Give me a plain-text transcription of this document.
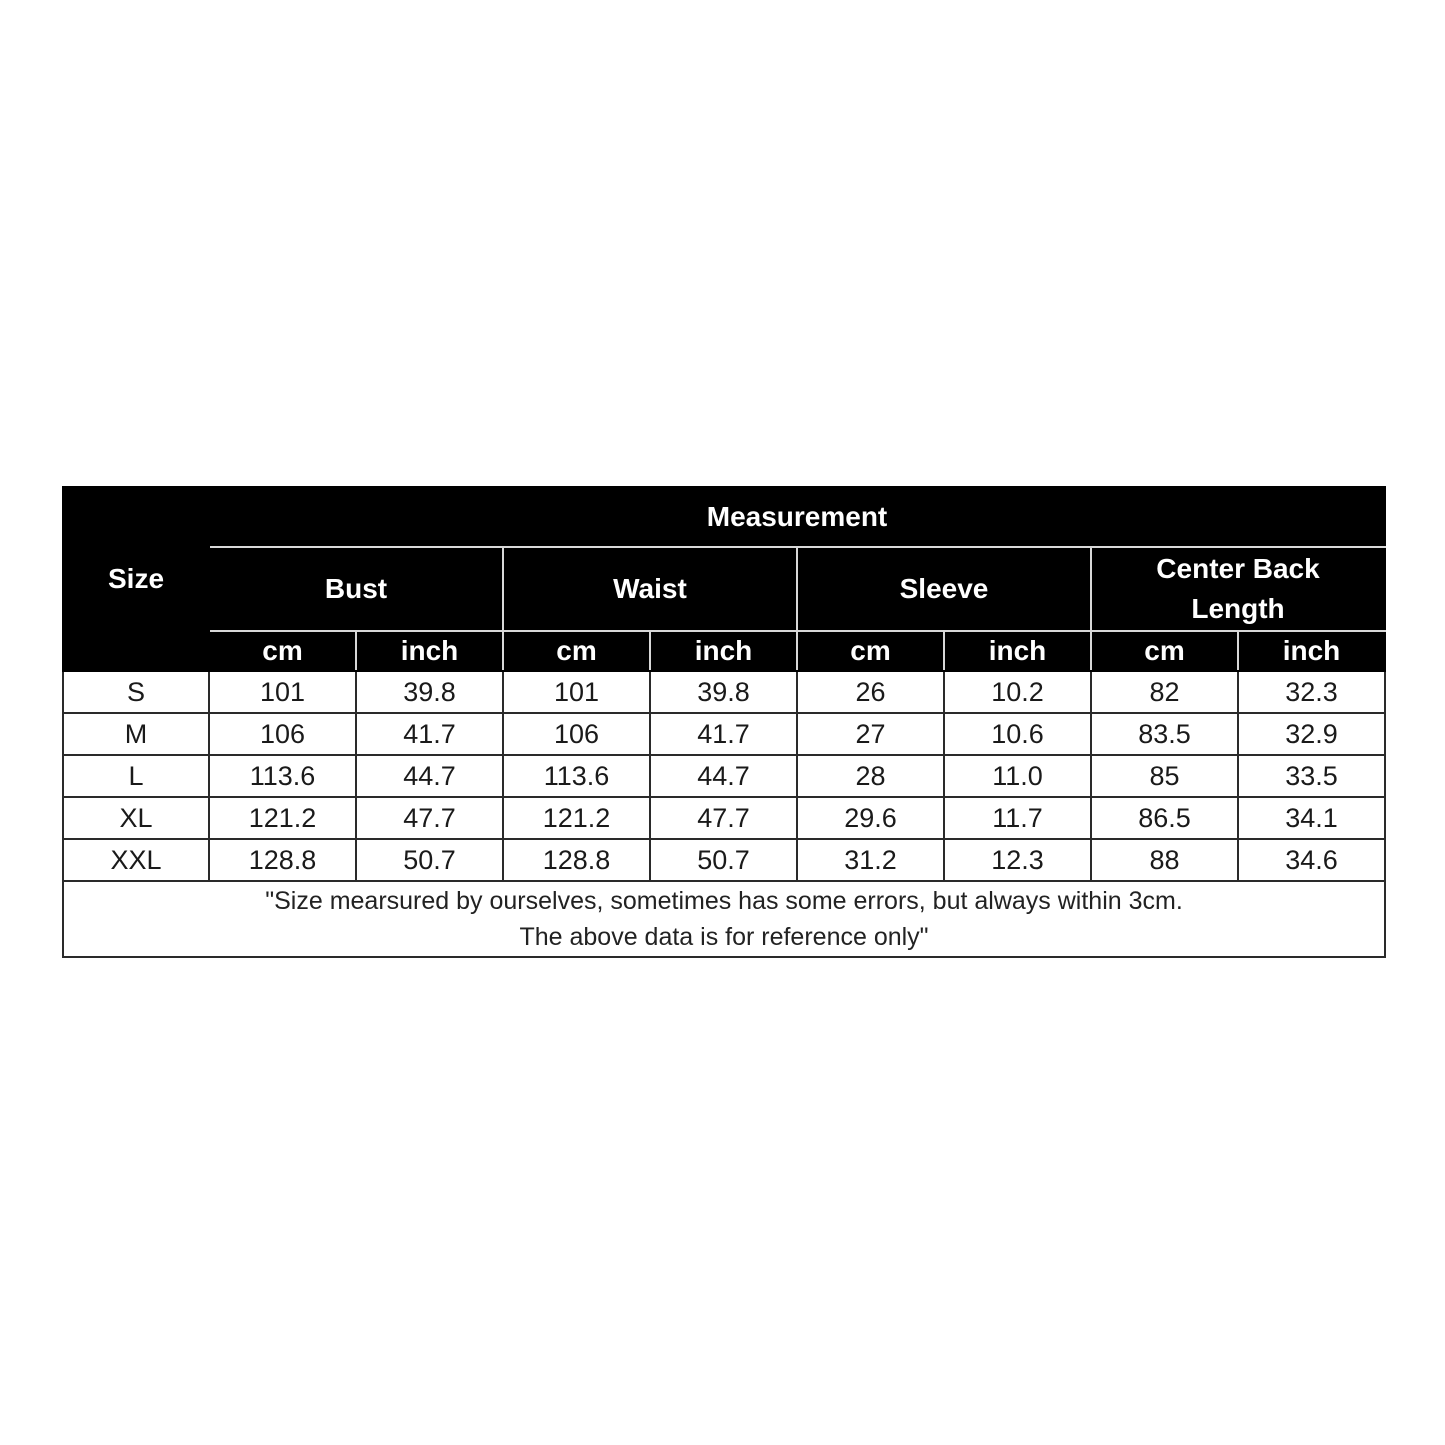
Size	Measurement							
	Bust		Waist		Sleeve		Center Back
Length	

	cm	inch	cm	inch	cm	inch	cm	inch
S	101	39.8	101	39.8	26	10.2	82	32.3
M	106	41.7	106	41.7	27	10.6	83.5	32.9
L	113.6	44.7	113.6	44.7	28	11.0	85	33.5
XL	121.2	47.7	121.2	47.7	29.6	11.7	86.5	34.1
XXL	128.8	50.7	128.8	50.7	31.2	12.3	88	34.6

"Size mearsured by ourselves, sometimes has some errors, but always within 3cm.
The above data is for reference only"								
